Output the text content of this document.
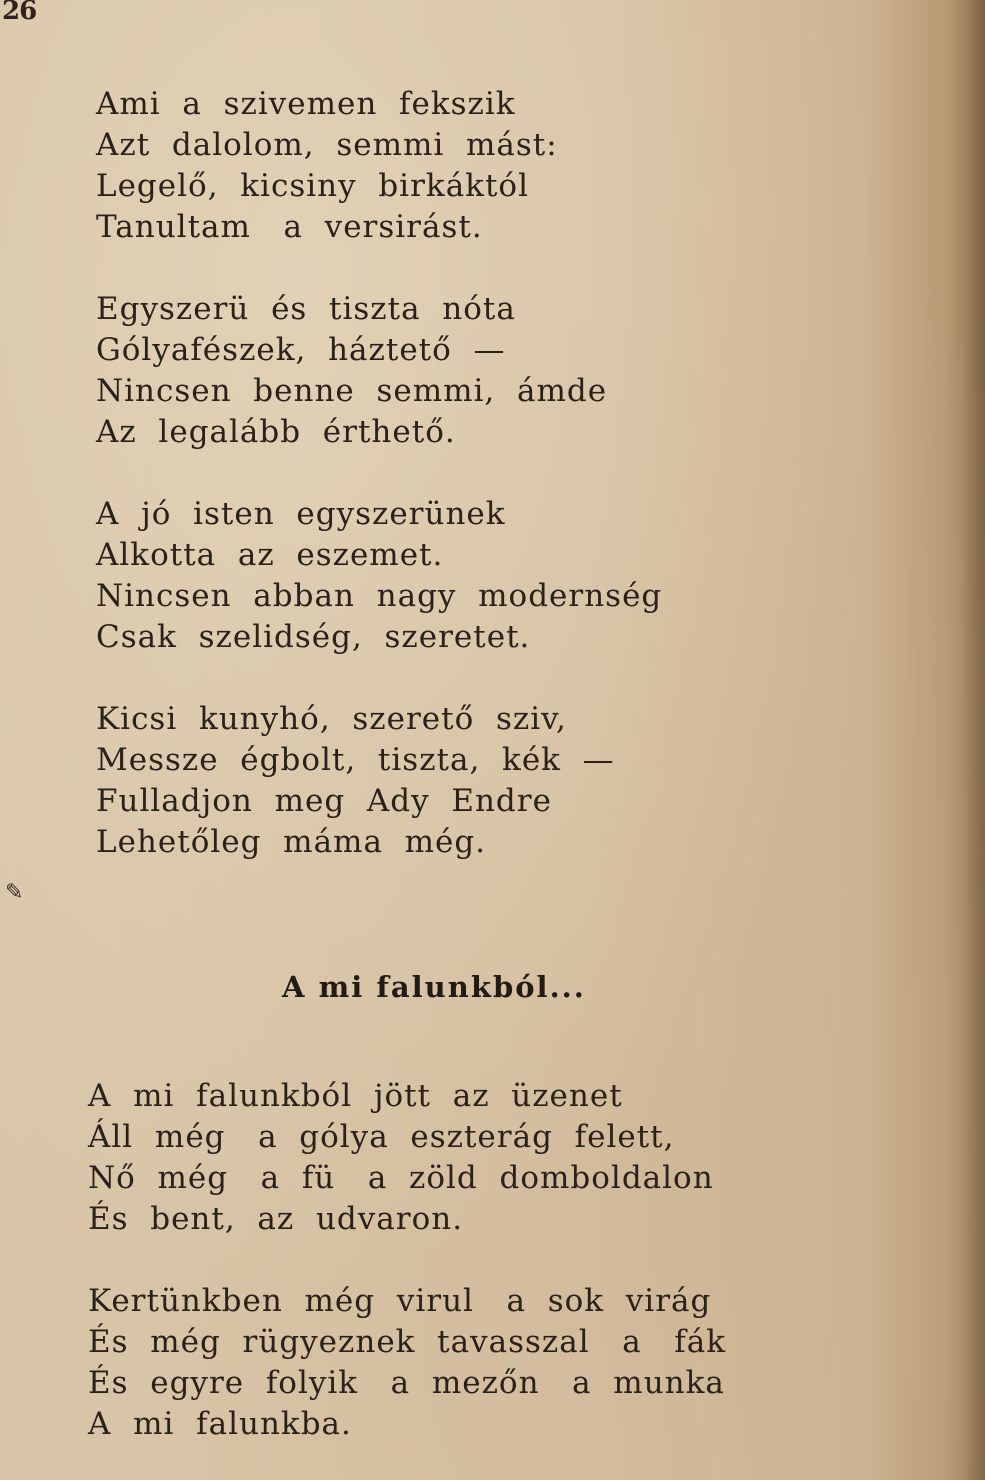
26
✎
Ami  a  szivemen  fekszik
Azt  dalolom,  semmi  mást:
Legelő,  kicsiny  birkáktól
Tanultam   a  versirást.
Egyszerü  és  tiszta  nóta
Gólyafészek,  háztető  —
Nincsen  benne  semmi,  ámde
Az  legalább  érthető.
A  jó  isten  egyszerünek
Alkotta  az  eszemet.
Nincsen  abban  nagy  modernség
Csak  szelidség,  szeretet.
Kicsi  kunyhó,  szerető  sziv,
Messze  égbolt,  tiszta,  kék  —
Fulladjon  meg  Ady  Endre
Lehetőleg  máma  még.
A mi falunkból...
A  mi  falunkból  jött  az  üzenet
Áll  még   a  gólya  eszterág  felett,
Nő  még   a  fü   a  zöld  domboldalon
És  bent,  az  udvaron.
Kertünkben  még  virul   a  sok  virág
És  még  rügyeznek  tavasszal   a   fák
És  egyre  folyik   a  mezőn   a  munka
A  mi  falunkba.
